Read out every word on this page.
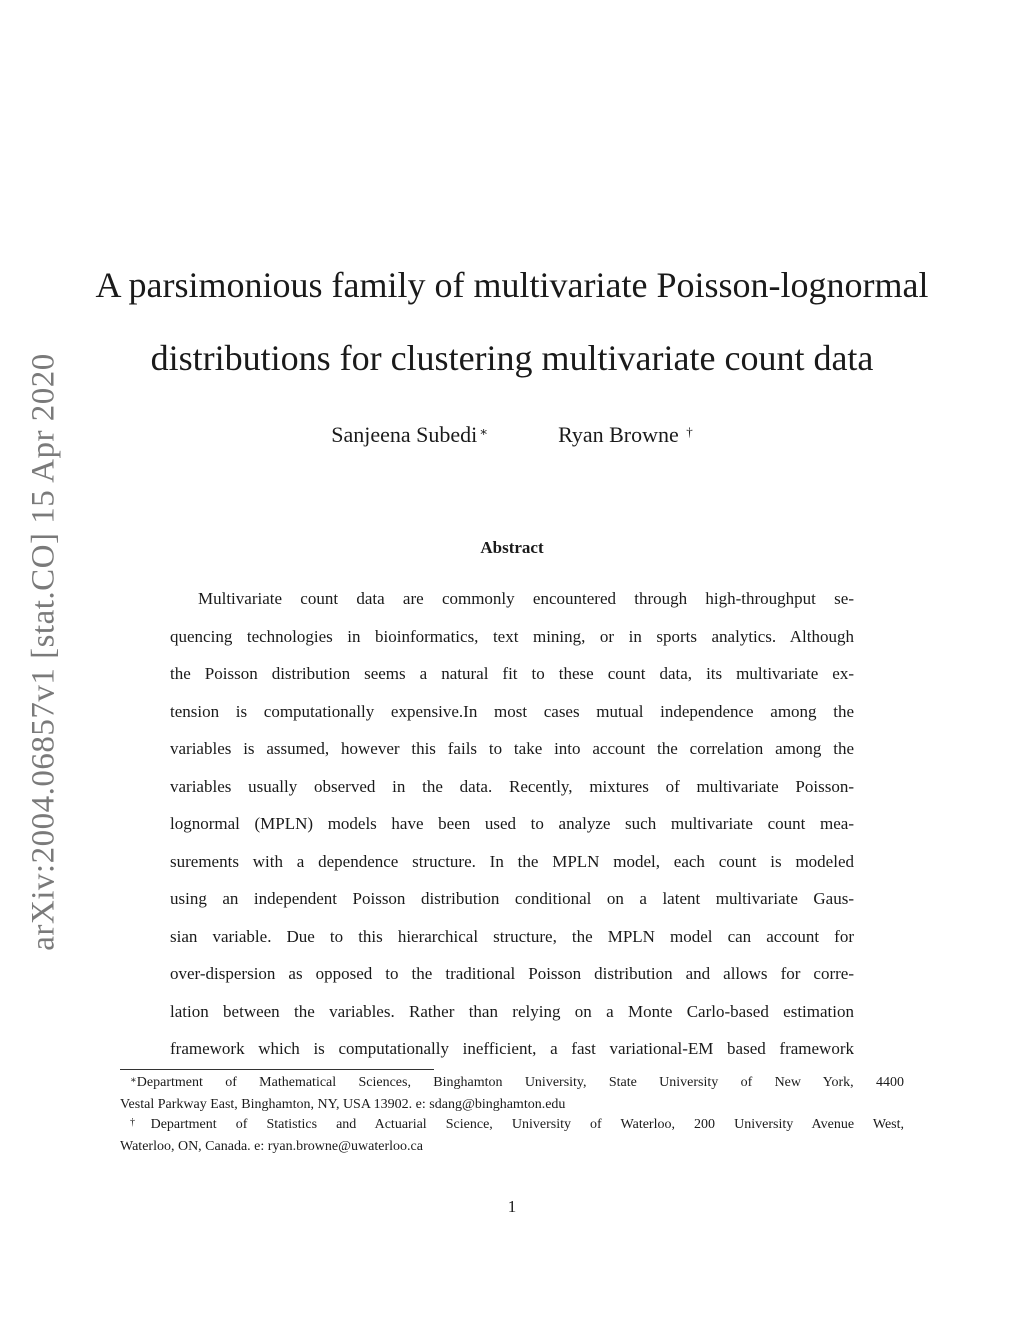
arXiv:2004.06857v1 [stat.CO] 15 Apr 2020
A parsimonious family of multivariate Poisson-lognormal
distributions for clustering multivariate count data
Sanjeena Subedi ∗	Ryan Browne †
Abstract
Multivariate count data are commonly encountered through high-throughput se-
quencing technologies in bioinformatics, text mining, or in sports analytics. Although
the Poisson distribution seems a natural fit to these count data, its multivariate ex-
tension is computationally expensive.In most cases mutual independence among the
variables is assumed, however this fails to take into account the correlation among the
variables usually observed in the data. Recently, mixtures of multivariate Poisson-
lognormal (MPLN) models have been used to analyze such multivariate count mea-
surements with a dependence structure. In the MPLN model, each count is modeled
using an independent Poisson distribution conditional on a latent multivariate Gaus-
sian variable. Due to this hierarchical structure, the MPLN model can account for
over-dispersion as opposed to the traditional Poisson distribution and allows for corre-
lation between the variables. Rather than relying on a Monte Carlo-based estimation
framework which is computationally inefficient, a fast variational-EM based framework
∗Department of Mathematical Sciences, Binghamton University, State University of New York, 4400
Vestal Parkway East, Binghamton, NY, USA 13902. e: sdang@binghamton.edu
†Department of Statistics and Actuarial Science, University of Waterloo, 200 University Avenue West,
Waterloo, ON, Canada. e: ryan.browne@uwaterloo.ca
1
